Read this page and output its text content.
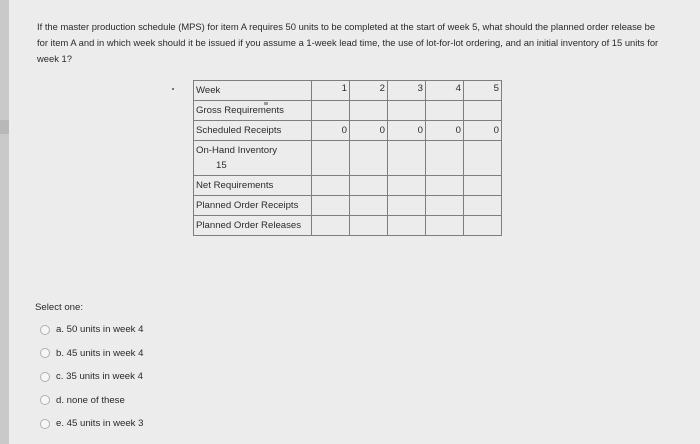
If the master production schedule (MPS) for item A requires 50 units to be completed at the start of week 5, what should the planned order release be for item A and in which week should it be issued if you assume a 1-week lead time, the use of lot-for-lot ordering, and an initial inventory of 15 units for week 1?

Week	1	2	3	4	5
Gross Requirements					
Scheduled Receipts	0	0	0	0	0
On-Hand Inventory
15					

Net Requirements					
Planned Order Receipts					
Planned Order Releases					

Select one:

a. 50 units in week 4
b. 45 units in week 4
c. 35 units in week 4
d. none of these
e. 45 units in week 3
